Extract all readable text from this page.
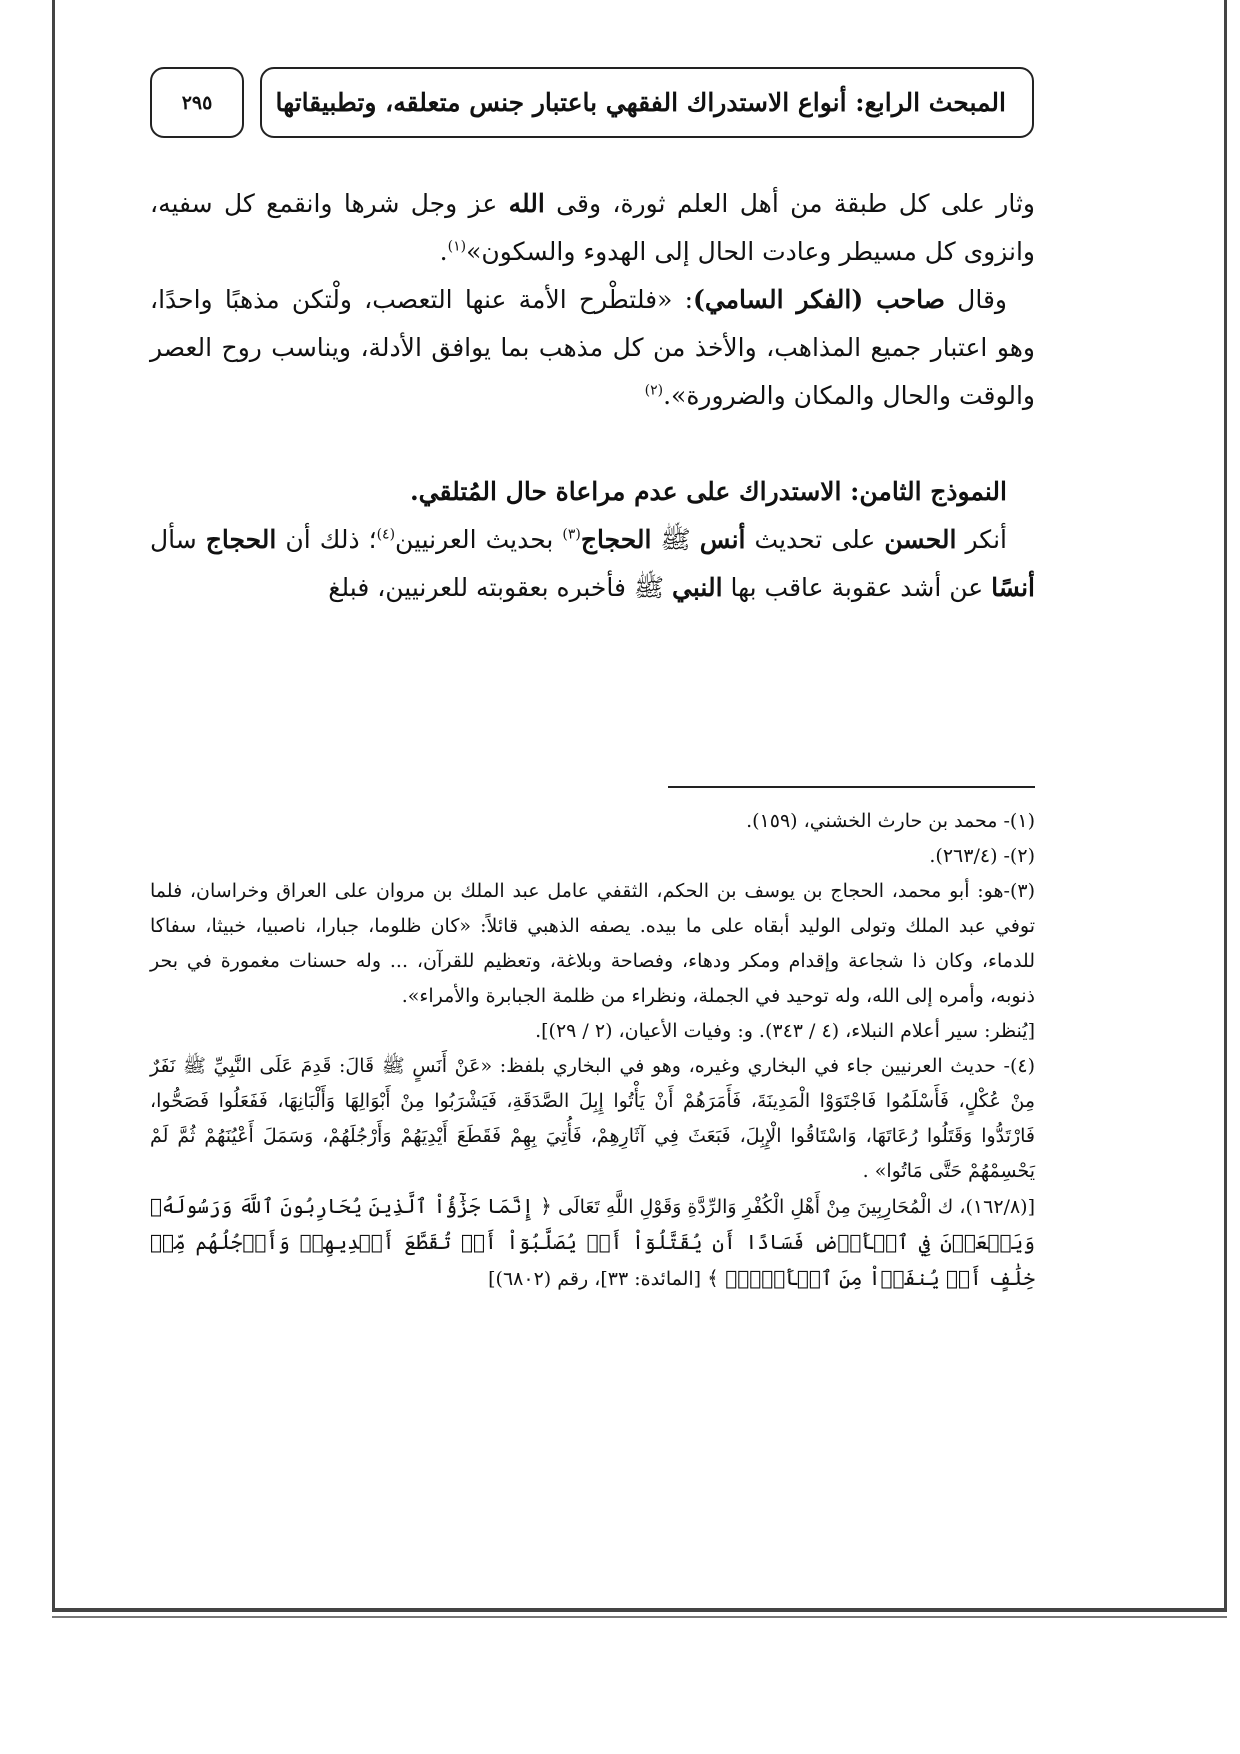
المبحث الرابع: أنواع الاستدراك الفقهي باعتبار جنس متعلقه، وتطبيقاتها
٢٩٥

وثار على كل طبقة من أهل العلم ثورة، وقى الله عز وجل شرها وانقمع كل سفيه، وانزوى كل مسيطر وعادت الحال إلى الهدوء والسكون»$^{(١)}$.

وقال صاحب (الفكر السامي): «فلتطْرح الأمة عنها التعصب، ولْتكن مذهبًا واحدًا، وهو اعتبار جميع المذاهب، والأخذ من كل مذهب بما يوافق الأدلة، ويناسب روح العصر والوقت والحال والمكان والضرورة».$^{(٢)}$

النموذج الثامن: الاستدراك على عدم مراعاة حال المُتلقي.

أنكر الحسن على تحديث أنس ﷺ الحجاج$^{(٣)}$ بحديث العرنيين$^{(٤)}$؛ ذلك أن الحجاج سأل أنسًا عن أشد عقوبة عاقب بها النبي ﷺ فأخبره بعقوبته للعرنيين، فبلغ

(١)- محمد بن حارث الخشني، (١٥٩).

(٢)- (٢٦٣/٤).

(٣)-هو: أبو محمد، الحجاج بن يوسف بن الحكم، الثقفي عامل عبد الملك بن مروان على العراق وخراسان، فلما توفي عبد الملك وتولى الوليد أبقاه على ما بيده. يصفه الذهبي قائلاً: «كان ظلوما، جبارا، ناصبيا، خبيثا، سفاكا للدماء، وكان ذا شجاعة وإقدام ومكر ودهاء، وفصاحة وبلاغة، وتعظيم للقرآن، ... وله حسنات مغمورة في بحر ذنوبه، وأمره إلى الله، وله توحيد في الجملة، ونظراء من ظلمة الجبابرة والأمراء».

[يُنظر: سير أعلام النبلاء، (٤ / ٣٤٣). و: وفيات الأعيان، (٢ / ٢٩)].

(٤)- حديث العرنيين جاء في البخاري وغيره، وهو في البخاري بلفظ: «عَنْ أَنَسٍ ﷺ قَالَ: قَدِمَ عَلَى النَّبِيِّ ﷺ نَفَرٌ مِنْ عُكْلٍ، فَأَسْلَمُوا فَاجْتَوَوْا الْمَدِينَةَ، فَأَمَرَهُمْ أَنْ يَأْتُوا إِبِلَ الصَّدَقَةِ، فَيَشْرَبُوا مِنْ أَبْوَالِهَا وَأَلْبَانِهَا، فَفَعَلُوا فَصَحُّوا، فَارْتَدُّوا وَقَتَلُوا رُعَاتَهَا، وَاسْتَاقُوا الْإِبِلَ، فَبَعَثَ فِي آثَارِهِمْ، فَأُتِيَ بِهِمْ فَقَطَعَ أَيْدِيَهُمْ وَأَرْجُلَهُمْ، وَسَمَلَ أَعْيُنَهُمْ ثُمَّ لَمْ يَحْسِمْهُمْ حَتَّى مَاتُوا» .

[(١٦٢/٨)، ك الْمُحَارِبِينَ مِنْ أَهْلِ الْكُفْرِ وَالرِّدَّةِ وَقَوْلِ اللَّهِ تَعَالَى ﴿ إِنَّمَا جَزَٰٓؤُاْ ٱلَّذِينَ يُحَارِبُونَ ٱللَّهَ وَرَسُولَهُۥ وَيَسۡعَوۡنَ فِي ٱلۡأَرۡضِ فَسَادًا أَن يُقَتَّلُوٓاْ أَوۡ يُصَلَّبُوٓاْ أَوۡ تُقَطَّعَ أَيۡدِيهِمۡ وَأَرۡجُلُهُم مِّنۡ خِلَٰفٍ أَوۡ يُنفَوۡاْ مِنَ ٱلۡأَرۡضِۚ ﴾ [المائدة: ٣٣]، رقم (٦٨٠٢)]
